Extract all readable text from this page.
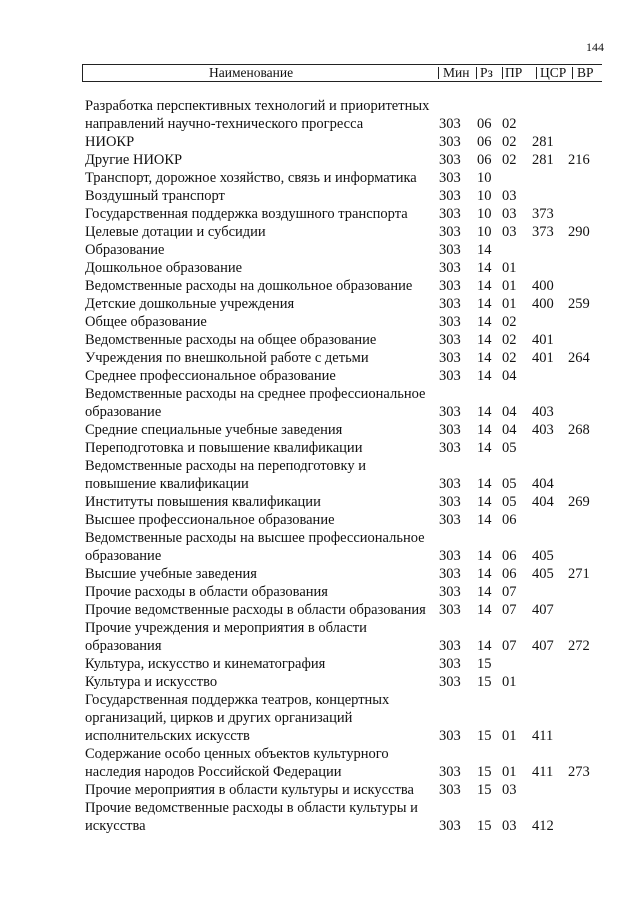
144
Наименование	Мин Рз ПР ЦСР ВР
Разработка перспективных технологий и приоритетных направлений научно-технического прогресса	303 06 02
НИОКР	303 06 02 281
Другие НИОКР	303 06 02 281 216
Транспорт, дорожное хозяйство, связь и информатика	303 10
Воздушный транспорт	303 10 03
Государственная поддержка воздушного транспорта	303 10 03 373
Целевые дотации и субсидии	303 10 03 373 290
Образование	303 14
Дошкольное образование	303 14 01
Ведомственные расходы на дошкольное образование	303 14 01 400
Детские дошкольные учреждения	303 14 01 400 259
Общее образование	303 14 02
Ведомственные расходы на общее образование	303 14 02 401
Учреждения по внешкольной работе с детьми	303 14 02 401 264
Среднее профессиональное образование	303 14 04
Ведомственные расходы на среднее профессиональное образование	303 14 04 403
Средние специальные учебные заведения	303 14 04 403 268
Переподготовка и повышение квалификации	303 14 05
Ведомственные расходы на переподготовку и повышение квалификации	303 14 05 404
Институты повышения квалификации	303 14 05 404 269
Высшее профессиональное образование	303 14 06
Ведомственные расходы на высшее профессиональное образование	303 14 06 405
Высшие учебные заведения	303 14 06 405 271
Прочие расходы в области образования	303 14 07
Прочие ведомственные расходы в области образования 303 14 07 407
Прочие учреждения и мероприятия в области образования	303 14 07 407 272
Культура, искусство и кинематография	303 15
Культура и искусство	303 15 01
Государственная поддержка театров, концертных организаций, цирков и других организаций исполнительских искусств	303 15 01 411
Содержание особо ценных объектов культурного наследия народов Российской Федерации	303 15 01 411 273
Прочие мероприятия в области культуры и искусства	303 15 03
Прочие ведомственные расходы в области культуры и искусства	303 15 03 412
